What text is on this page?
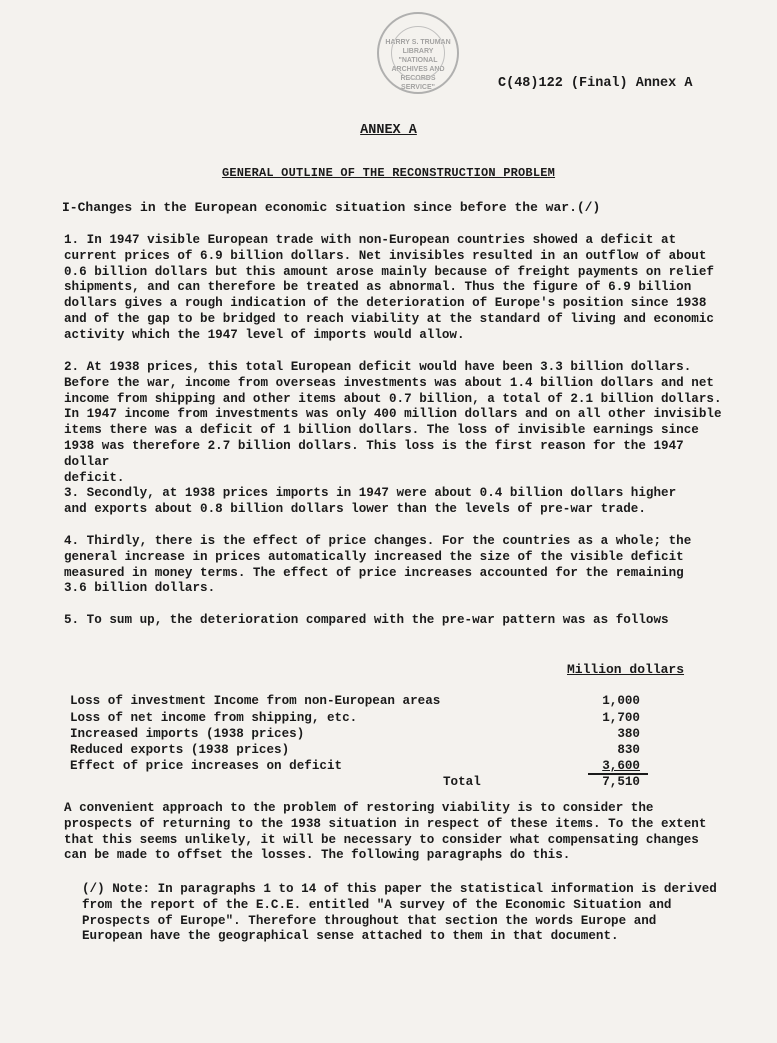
HARRY S. TRUMAN LIBRARY
"NATIONAL
ARCHIVES AND
RECORDS
SERVICE"	C(48)122 (Final) Annex A
ANNEX A
GENERAL OUTLINE OF THE RECONSTRUCTION PROBLEM
I-Changes in the European economic situation since before the war.(/)

1. In 1947 visible European trade with non-European countries showed a deficit at
current prices of 6.9 billion dollars. Net invisibles resulted in an outflow of about
0.6 billion dollars but this amount arose mainly because of freight payments on relief
shipments, and can therefore be treated as abnormal. Thus the figure of 6.9 billion
dollars gives a rough indication of the deterioration of Europe's position since 1938
and of the gap to be bridged to reach viability at the standard of living and economic
activity which the 1947 level of imports would allow.

2. At 1938 prices, this total European deficit would have been 3.3 billion dollars.
Before the war, income from overseas investments was about 1.4 billion dollars and net
income from shipping and other items about 0.7 billion, a total of 2.1 billion dollars.
In 1947 income from investments was only 400 million dollars and on all other invisible
items there was a deficit of 1 billion dollars. The loss of invisible earnings since
1938 was therefore 2.7 billion dollars. This loss is the first reason for the 1947 dollar
deficit.

3. Secondly, at 1938 prices imports in 1947 were about 0.4 billion dollars higher
and exports about 0.8 billion dollars lower than the levels of pre-war trade.

4. Thirdly, there is the effect of price changes. For the countries as a whole; the
general increase in prices automatically increased the size of the visible deficit
measured in money terms. The effect of price increases accounted for the remaining
3.6 billion dollars.

5. To sum up, the deterioration compared with the pre-war pattern was as follows

Million dollars
Loss of investment Income from non-European areas	1,000
Loss of net income from shipping, etc.	1,700
Increased imports (1938 prices)	380
Reduced exports (1938 prices)	830
Effect of price increases on deficit	3,600
Total	7,510

A convenient approach to the problem of restoring viability is to consider the
prospects of returning to the 1938 situation in respect of these items. To the extent
that this seems unlikely, it will be necessary to consider what compensating changes
can be made to offset the losses. The following paragraphs do this.

(/) Note: In paragraphs 1 to 14 of this paper the statistical information is derived
from the report of the E.C.E. entitled "A survey of the Economic Situation and
Prospects of Europe". Therefore throughout that section the words Europe and
European have the geographical sense attached to them in that document.
